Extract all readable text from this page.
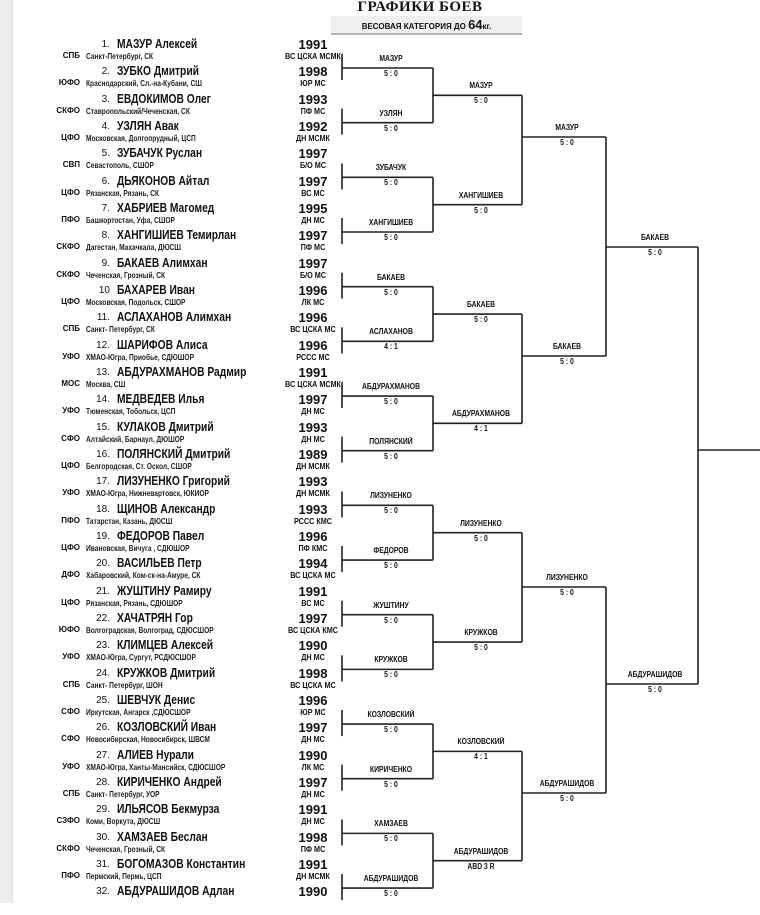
ГРАФИКИ БОЕВ
ВЕСОВАЯ КАТЕГОРИЯ ДО 64кг.
1. МАЗУР Алексей	1991
СПБ Санкт-Петербург, СК	ВС ЦСКА МСМК
2. ЗУБКО Дмитрий	1998
ЮФО Краснодарский, Сл.-на-Кубани, СШ	ЮР МС
3. ЕВДОКИМОВ Олег	1993
СКФО Ставропольский/Чеченская, СК	ПФ МС
4. УЗЛЯН Авак	1992
ЦФО Московская, Долгопрудный, ЦСП	ДН МСМК
5. ЗУБАЧУК Руслан	1997
СВП Севастополь, СШОР	Б/О МС
6. ДЬЯКОНОВ Айтал	1997
ЦФО Рязанская, Рязань, СК	ВС МС
7. ХАБРИЕВ Магомед	1995
ПФО Башкортостан, Уфа, СШОР	ДН МС
8. ХАНГИШИЕВ Темирлан	1997
СКФО Дагестан, Махачкала, ДЮСШ	ПФ МС
9. БАКАЕВ Алимхан	1997
СКФО Чеченская, Грозный, СК	Б/О МС
10 БАХАРЕВ Иван	1996
ЦФО Московская, Подольск, СШОР	ЛК МС
11. АСЛАХАНОВ Алимхан	1996
СПБ Санкт- Петербург, СК	ВС ЦСКА МС
12. ШАРИФОВ Алиса	1996
УФО ХМАО-Югра, Приобье, СДЮШОР	РССС МС
13. АБДУРАХМАНОВ Радмир	1991
МОС Москва, СШ	ВС ЦСКА МСМК
14. МЕДВЕДЕВ Илья	1997
УФО Тюменская, Тобольск, ЦСП	ДН МС
15. КУЛАКОВ Дмитрий	1993
СФО Алтайский, Барнаул, ДЮШОР	ДН МС
16. ПОЛЯНСКИЙ Дмитрий	1989
ЦФО Белгородская, Ст. Оскол, СШОР	ДН МСМК
17. ЛИЗУНЕНКО Григорий	1993
УФО ХМАО-Югра, Нижневартовск, ЮКИОР	ДН МСМК
18. ЩИНОВ Александр	1993
ПФО Татарстан, Казань, ДЮСШ	РССС КМС
19. ФЕДОРОВ Павел	1996
ЦФО Ивановская, Вичуга , СДЮШОР	ПФ КМС
20. ВАСИЛЬЕВ Петр	1994
ДФО Хабаровский, Ком-ск-на-Амуре, СК	ВС ЦСКА МС
21. ЖУШТИНУ Рамиру	1991
ЦФО Рязанская, Рязань, СДЮШОР	ВС МС
22. ХАЧАТРЯН Гор	1997
ЮФО Волгоградская, Волгоград, СДЮСШОР	ВС ЦСКА КМС
23. КЛИМЦЕВ Алексей	1990
УФО ХМАО-Югра, Сургут, РСДЮСШОР	ДН МС
24. КРУЖКОВ Дмитрий	1998
СПБ Санкт- Петербург, ШОН	ВС ЦСКА МС
25. ШЕВЧУК Денис	1996
СФО Иркутская, Ангарск ,СДЮСШОР	ЮР МС
26. КОЗЛОВСКИЙ Иван	1997
СФО Новосибирская, Новосибирск, ШВСМ	ДН МС
27. АЛИЕВ Нурали	1990
УФО ХМАО-Югра, Ханты-Мансийск, СДЮСШОР	ЛК МС
28. КИРИЧЕНКО Андрей	1997
СПБ Санкт- Петербург, УОР	ДН МС
29. ИЛЬЯСОВ Бекмурза	1991
СЗФО Коми, Воркута, ДЮСШ	ДН МС
30. ХАМЗАЕВ Беслан	1998
СКФО Чеченская, Грозный, СК	ПФ МС
31. БОГОМАЗОВ Константин	1991
ПФО Пермский, Пермь, ЦСП	ДН МСМК
32. АБДУРАШИДОВ Адлан	1990
МАЗУР
5 : 0
УЗЛЯН
5 : 0
ЗУБАЧУК
5 : 0
ХАНГИШИЕВ
5 : 0
БАКАЕВ
5 : 0
АСЛАХАНОВ
4 : 1
АБДУРАХМАНОВ
5 : 0
ПОЛЯНСКИЙ
5 : 0
ЛИЗУНЕНКО
5 : 0
ФЕДОРОВ
5 : 0
ЖУШТИНУ
5 : 0
КРУЖКОВ
5 : 0
КОЗЛОВСКИЙ
5 : 0
КИРИЧЕНКО
5 : 0
ХАМЗАЕВ
5 : 0
АБДУРАШИДОВ
5 : 0
МАЗУР
5 : 0
ХАНГИШИЕВ
5 : 0
БАКАЕВ
5 : 0
АБДУРАХМАНОВ
4 : 1
ЛИЗУНЕНКО
5 : 0
КРУЖКОВ
5 : 0
КОЗЛОВСКИЙ
4 : 1
АБДУРАШИДОВ
ABD 3 R
МАЗУР
5 : 0
БАКАЕВ
5 : 0
ЛИЗУНЕНКО
5 : 0
АБДУРАШИДОВ
5 : 0
БАКАЕВ
5 : 0
АБДУРАШИДОВ
5 : 0
